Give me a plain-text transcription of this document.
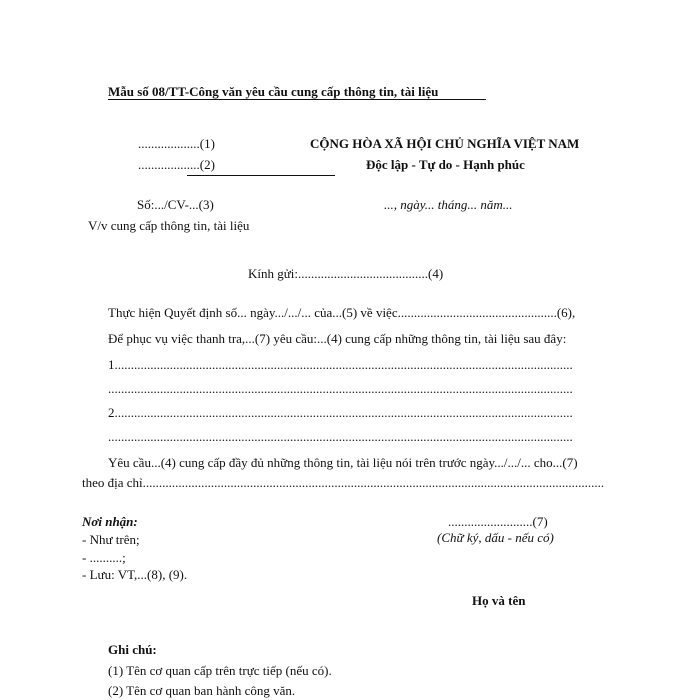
Mẫu số 08/TT-Công văn yêu cầu cung cấp thông tin, tài liệu
...................(1)
...................(2)
CỘNG HÒA XÃ HỘI CHỦ NGHĨA VIỆT NAM
Độc lập - Tự do - Hạnh phúc
Số:.../CV-...(3)	..., ngày... tháng... năm...
V/v cung cấp thông tin, tài liệu
Kính gửi:........................................(4)
Thực hiện Quyết định số... ngày.../.../... của...(5) về việc.................................................(6),
Để phục vụ việc thanh tra,...(7) yêu cầu:...(4) cung cấp những thông tin, tài liệu sau đây:
1.............................................................................................................................................
...............................................................................................................................................
2.............................................................................................................................................
...............................................................................................................................................
Yêu cầu...(4) cung cấp đầy đủ những thông tin, tài liệu nói trên trước ngày.../.../... cho...(7)
theo địa chỉ..............................................................................................................................................
Nơi nhận:
- Như trên;
- ..........;
- Lưu: VT,...(8), (9).
..........................(7)
(Chữ ký, dấu - nếu có)
Họ và tên
Ghi chú:
(1) Tên cơ quan cấp trên trực tiếp (nếu có).
(2) Tên cơ quan ban hành công văn.
